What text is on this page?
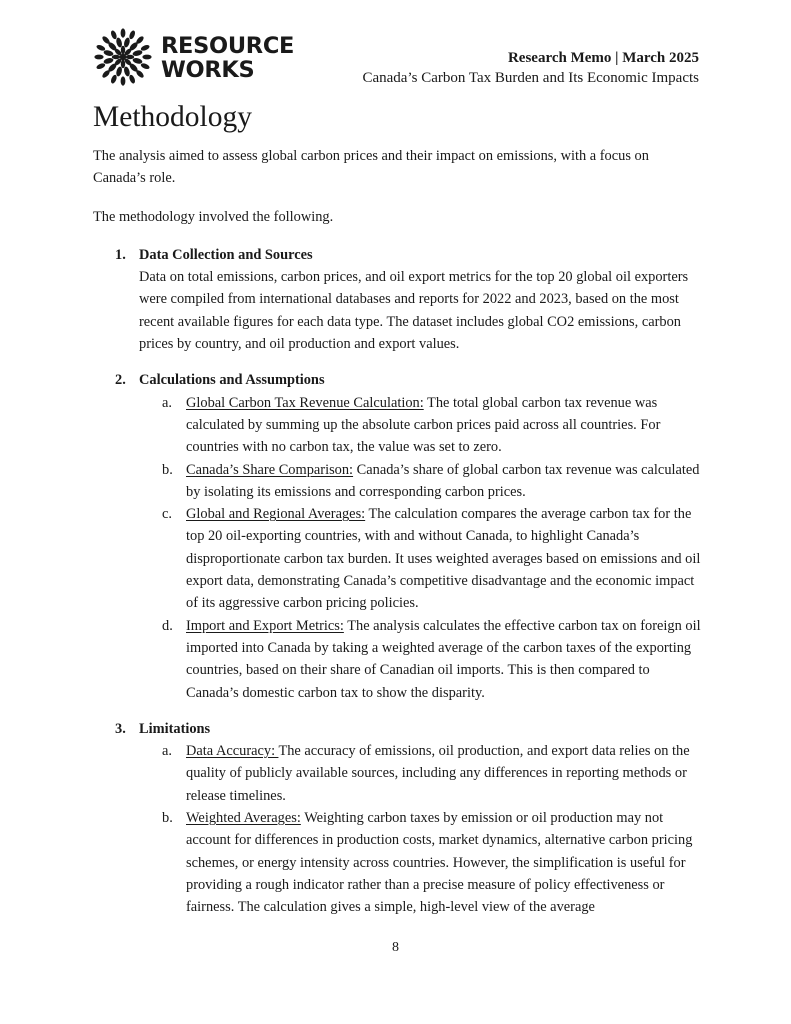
RESOURCE
WORKS	Research Memo | March 2025
Canada’s Carbon Tax Burden and Its Economic Impacts
Methodology

The analysis aimed to assess global carbon prices and their impact on emissions, with a focus on Canada’s role.

The methodology involved the following.

1. Data Collection and Sources

Data on total emissions, carbon prices, and oil export metrics for the top 20 global oil exporters were compiled from international databases and reports for 2022 and 2023, based on the most recent available figures for each data type. The dataset includes global CO2 emissions, carbon prices by country, and oil production and export values.

2. Calculations and Assumptions
a. Global Carbon Tax Revenue Calculation: The total global carbon tax revenue was calculated by summing up the absolute carbon prices paid across all countries. For countries with no carbon tax, the value was set to zero.

b. Canada’s Share Comparison: Canada’s share of global carbon tax revenue was calculated by isolating its emissions and corresponding carbon prices.

c. Global and Regional Averages: The calculation compares the average carbon tax for the top 20 oil-exporting countries, with and without Canada, to highlight Canada’s disproportionate carbon tax burden. It uses weighted averages based on emissions and oil export data, demonstrating Canada’s competitive disadvantage and the economic impact of its aggressive carbon pricing policies.

d. Import and Export Metrics: The analysis calculates the effective carbon tax on foreign oil imported into Canada by taking a weighted average of the carbon taxes of the exporting countries, based on their share of Canadian oil imports. This is then compared to Canada’s domestic carbon tax to show the disparity.

3. Limitations
a. Data Accuracy: The accuracy of emissions, oil production, and export data relies on the quality of publicly available sources, including any differences in reporting methods or release timelines.

b. Weighted Averages: Weighting carbon taxes by emission or oil production may not account for differences in production costs, market dynamics, alternative carbon pricing schemes, or energy intensity across countries. However, the simplification is useful for providing a rough indicator rather than a precise measure of policy effectiveness or fairness. The calculation gives a simple, high-level view of the average

8
